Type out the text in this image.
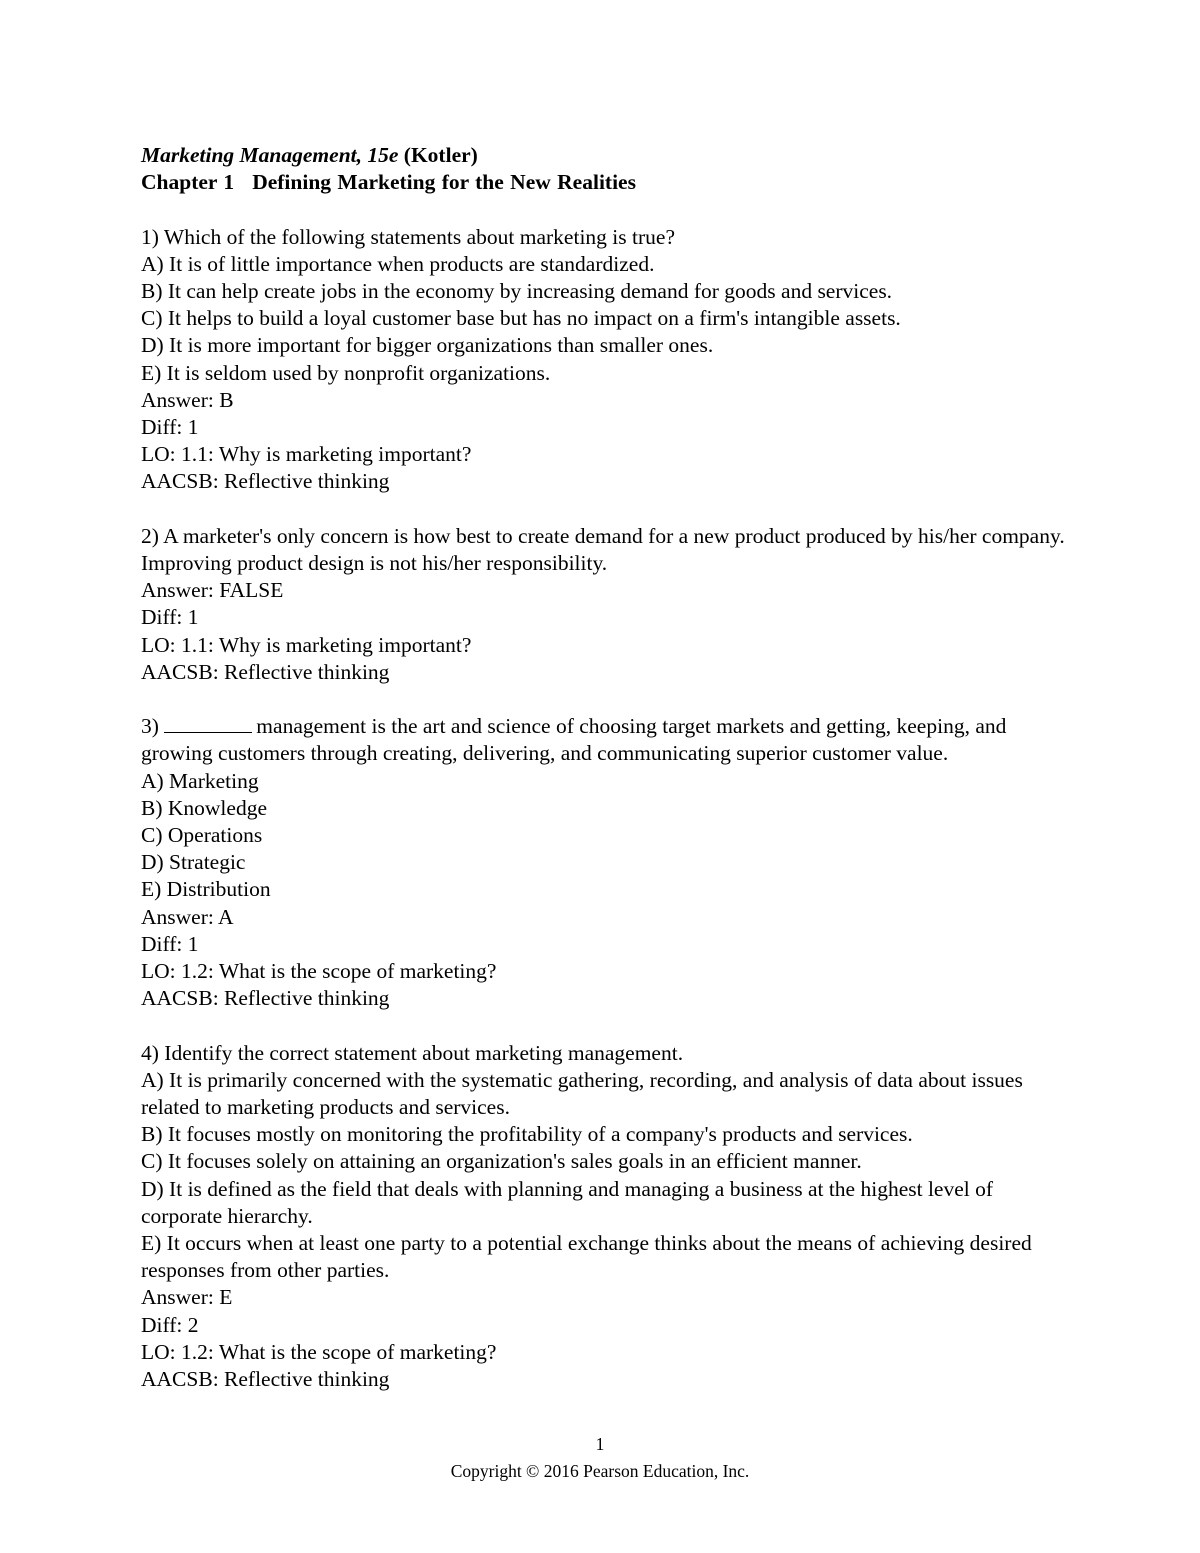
Marketing Management, 15e (Kotler)
Chapter 1 Defining Marketing for the New Realities
1) Which of the following statements about marketing is true?
A) It is of little importance when products are standardized.
B) It can help create jobs in the economy by increasing demand for goods and services.
C) It helps to build a loyal customer base but has no impact on a firm's intangible assets.
D) It is more important for bigger organizations than smaller ones.
E) It is seldom used by nonprofit organizations.
Answer: B
Diff: 1
LO: 1.1: Why is marketing important?
AACSB: Reflective thinking
2) A marketer's only concern is how best to create demand for a new product produced by his/her company. Improving product design is not his/her responsibility.
Answer: FALSE
Diff: 1
LO: 1.1: Why is marketing important?
AACSB: Reflective thinking
3)	management is the art and science of choosing target markets and getting, keeping, and growing customers through creating, delivering, and communicating superior customer value.
A) Marketing
B) Knowledge
C) Operations
D) Strategic
E) Distribution
Answer: A
Diff: 1
LO: 1.2: What is the scope of marketing?
AACSB: Reflective thinking
4) Identify the correct statement about marketing management.
A) It is primarily concerned with the systematic gathering, recording, and analysis of data about issues related to marketing products and services.
B) It focuses mostly on monitoring the profitability of a company's products and services.
C) It focuses solely on attaining an organization's sales goals in an efficient manner.
D) It is defined as the field that deals with planning and managing a business at the highest level of corporate hierarchy.
E) It occurs when at least one party to a potential exchange thinks about the means of achieving desired responses from other parties.
Answer: E
Diff: 2
LO: 1.2: What is the scope of marketing?
AACSB: Reflective thinking
1
Copyright © 2016 Pearson Education, Inc.
